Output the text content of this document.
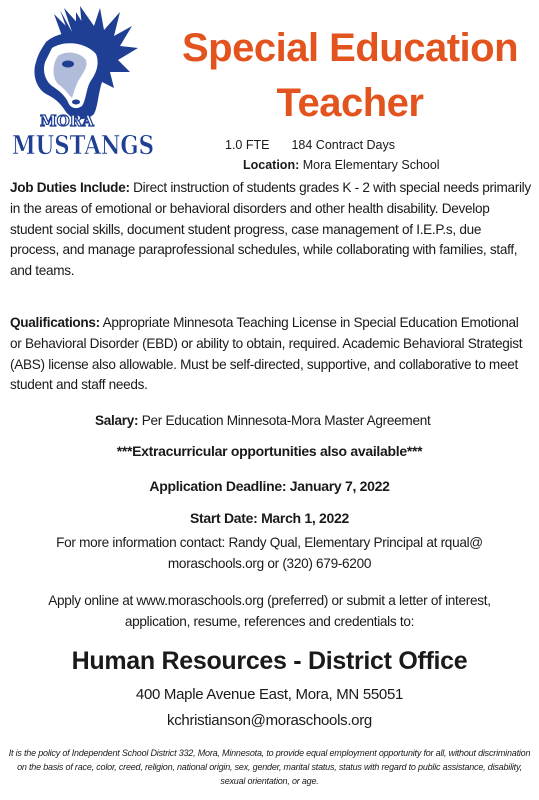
MORA
MUSTANGS
Special Education
Teacher
1.0 FTE 184 Contract Days
Location: Mora Elementary School

Job Duties Include: Direct instruction of students grades K - 2 with special needs primarily in the areas of emotional or behavioral disorders and other health disability. Develop student social skills, document student progress, case management of I.E.P.s, due process, and manage paraprofessional schedules, while collaborating with families, staff, and teams.

Qualifications: Appropriate Minnesota Teaching License in Special Education Emotional or Behavioral Disorder (EBD) or ability to obtain, required. Academic Behavioral Strategist (ABS) license also allowable. Must be self-directed, supportive, and collaborative to meet student and staff needs.

Salary: Per Education Minnesota-Mora Master Agreement
***Extracurricular opportunities also available***
Application Deadline: January 7, 2022
Start Date: March 1, 2022
For more information contact: Randy Qual, Elementary Principal at rqual@
moraschools.org or (320) 679-6200
Apply online at www.moraschools.org (preferred) or submit a letter of interest,
application, resume, references and credentials to:
Human Resources - District Office
400 Maple Avenue East, Mora, MN 55051
kchristianson@moraschools.org
It is the policy of Independent School District 332, Mora, Minnesota, to provide equal employment opportunity for all, without discrimination on the basis of race, color, creed, religion, national origin, sex, gender, marital status, status with regard to public assistance, disability, sexual orientation, or age.
